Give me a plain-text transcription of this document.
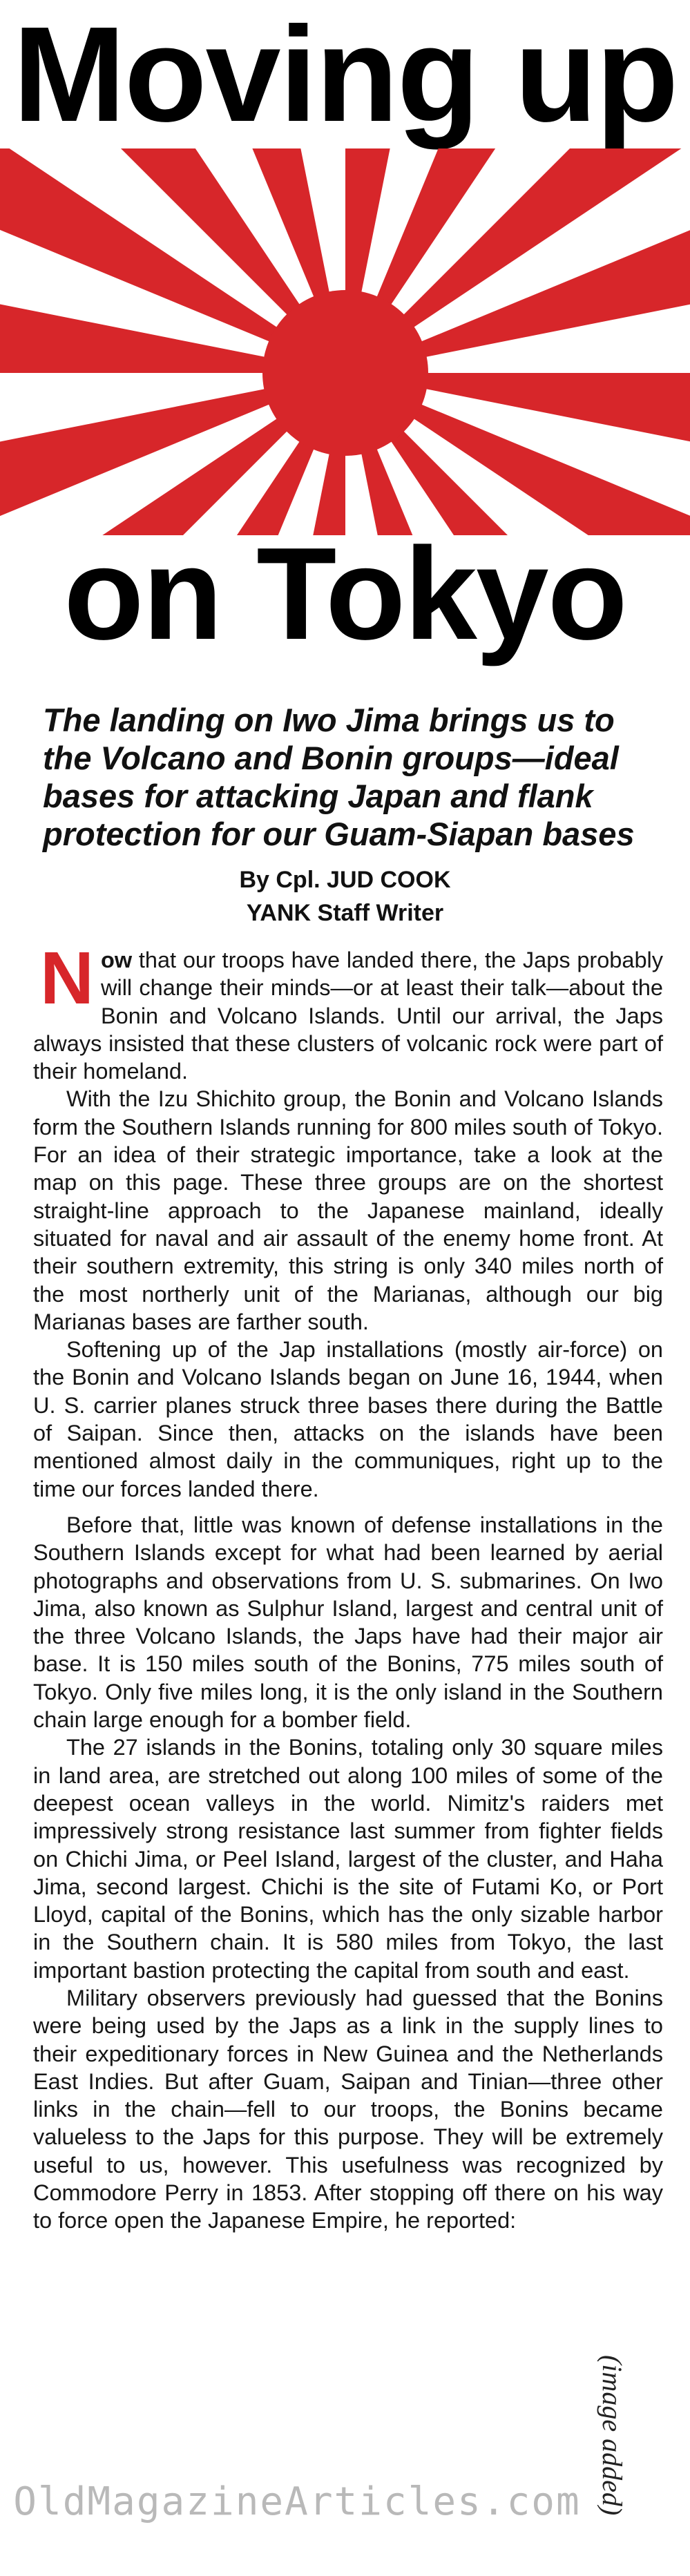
Moving up
on Tokyo
The landing on Iwo Jima brings us to the Volcano and Bonin groups—ideal bases for attacking Japan and flank protection for our Guam-Siapan bases
By Cpl. JUD COOK
YANK Staff Writer

Now that our troops have landed there, the Japs probably will change their minds—or at least their talk—about the Bonin and Volcano Islands. Until our arrival, the Japs always insisted that these clusters of volcanic rock were part of their homeland.

With the Izu Shichito group, the Bonin and Volcano Islands form the Southern Islands running for 800 miles south of Tokyo. For an idea of their strategic importance, take a look at the map on this page. These three groups are on the shortest straight-line approach to the Japanese mainland, ideally situated for naval and air assault of the enemy home front. At their southern extremity, this string is only 340 miles north of the most northerly unit of the Marianas, although our big Marianas bases are farther south.

Softening up of the Jap installations (mostly air-force) on the Bonin and Volcano Islands began on June 16, 1944, when U. S. carrier planes struck three bases there during the Battle of Saipan. Since then, attacks on the islands have been mentioned almost daily in the communiques, right up to the time our forces landed there.

Before that, little was known of defense installations in the Southern Islands except for what had been learned by aerial photographs and observations from U. S. submarines. On Iwo Jima, also known as Sulphur Island, largest and central unit of the three Volcano Islands, the Japs have had their major air base. It is 150 miles south of the Bonins, 775 miles south of Tokyo. Only five miles long, it is the only island in the Southern chain large enough for a bomber field.

The 27 islands in the Bonins, totaling only 30 square miles in land area, are stretched out along 100 miles of some of the deepest ocean valleys in the world. Nimitz's raiders met impressively strong resistance last summer from fighter fields on Chichi Jima, or Peel Island, largest of the cluster, and Haha Jima, second largest. Chichi is the site of Futami Ko, or Port Lloyd, capital of the Bonins, which has the only sizable harbor in the Southern chain. It is 580 miles from Tokyo, the last important bastion protecting the capital from south and east.

Military observers previously had guessed that the Bonins were being used by the Japs as a link in the supply lines to their expeditionary forces in New Guinea and the Netherlands East Indies. But after Guam, Saipan and Tinian—three other links in the chain—fell to our troops, the Bonins became valueless to the Japs for this purpose. They will be extremely useful to us, however. This usefulness was recognized by Commodore Perry in 1853. After stopping off there on his way to force open the Japanese Empire, he reported:

OldMagazineArticles.com (image added)
